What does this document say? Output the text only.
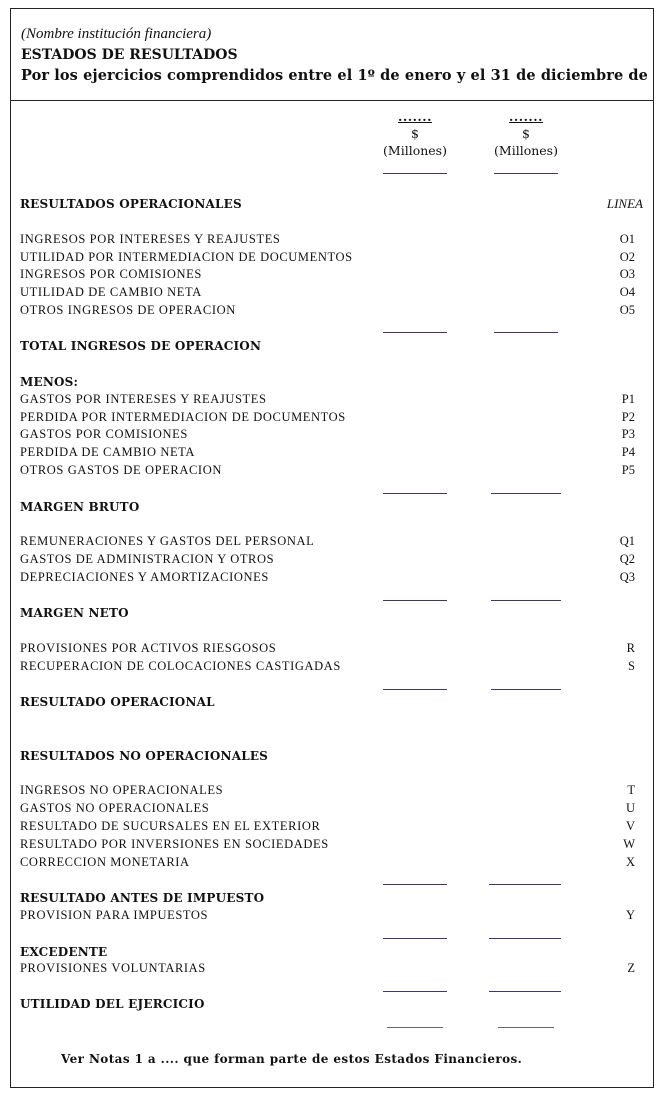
(Nombre institución financiera)
ESTADOS DE RESULTADOS
Por los ejercicios comprendidos entre el 1º de enero y el 31 de diciembre de
.......
$
(Millones)
.......
$
(Millones)
RESULTADOS OPERACIONALES	LINEA
INGRESOS POR INTERESES Y REAJUSTES	O1
UTILIDAD POR INTERMEDIACION DE DOCUMENTOS	O2
INGRESOS POR COMISIONES	O3
UTILIDAD DE CAMBIO NETA	O4
OTROS INGRESOS DE OPERACION	O5
TOTAL INGRESOS DE OPERACION
MENOS:
GASTOS POR INTERESES Y REAJUSTES	P1
PERDIDA POR INTERMEDIACION DE DOCUMENTOS	P2
GASTOS POR COMISIONES	P3
PERDIDA DE CAMBIO NETA	P4
OTROS GASTOS DE OPERACION	P5
MARGEN BRUTO
REMUNERACIONES Y GASTOS DEL PERSONAL	Q1
GASTOS DE ADMINISTRACION Y OTROS	Q2
DEPRECIACIONES Y AMORTIZACIONES	Q3
MARGEN NETO
PROVISIONES POR ACTIVOS RIESGOSOS	R
RECUPERACION DE COLOCACIONES CASTIGADAS	S
RESULTADO OPERACIONAL
RESULTADOS NO OPERACIONALES
INGRESOS NO OPERACIONALES	T
GASTOS NO OPERACIONALES	U
RESULTADO DE SUCURSALES EN EL EXTERIOR	V
RESULTADO POR INVERSIONES EN SOCIEDADES	W
CORRECCION MONETARIA	X
RESULTADO ANTES DE IMPUESTO
PROVISION PARA IMPUESTOS	Y
EXCEDENTE
PROVISIONES VOLUNTARIAS	Z
UTILIDAD DEL EJERCICIO
Ver Notas 1 a .... que forman parte de estos Estados Financieros.
